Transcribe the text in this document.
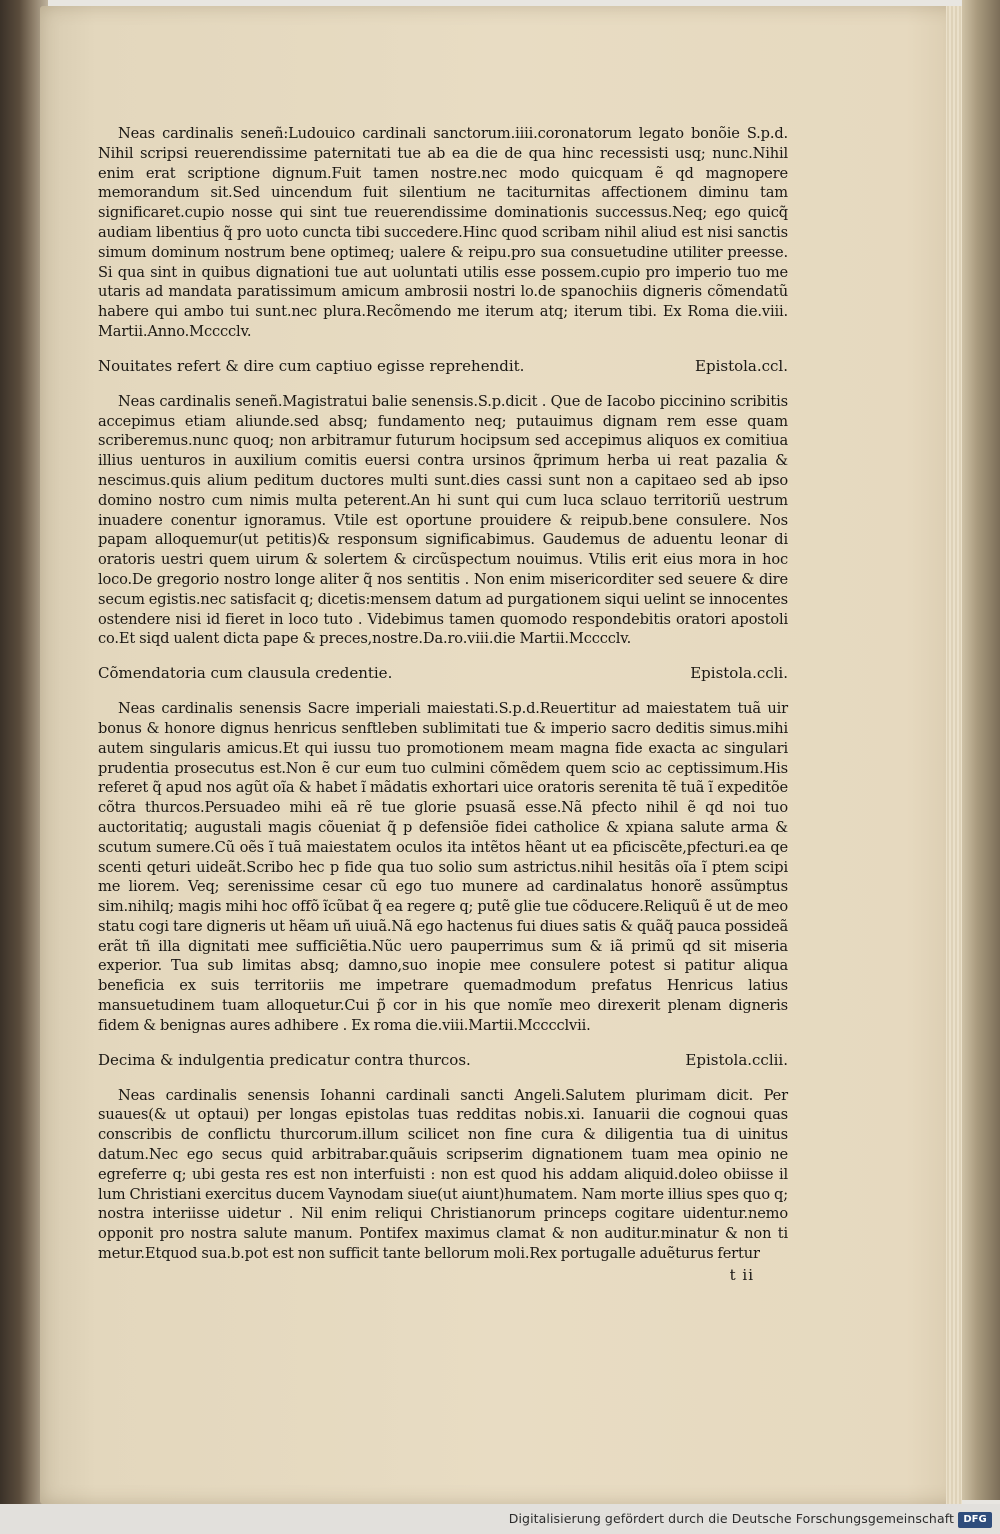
Neas cardinalis seneñ:Ludouico cardinali sanctorum.iiii.coronatorum legato bonõie S.p.d. Nihil scripsi reuerendissime paternitati tue ab ea die de qua hinc recessisti usq; nunc.Nihil enim erat scriptione dignum.Fuit tamen nostre.nec modo quicquam ẽ qd magnopere memorandum sit.Sed uincendum fuit silentium ne taciturnitas affectionem diminu tam significaret.cupio nosse qui sint tue reuerendissime dominationis successus.Neq; ego quicq̃ audiam libentius q̃ pro uoto cuncta tibi succedere.Hinc quod scribam nihil aliud est nisi sanctis simum dominum nostrum bene optimeq; ualere & reipu.pro sua consuetudine utiliter preesse. Si qua sint in quibus dignationi tue aut uoluntati utilis esse possem.cupio pro imperio tuo me utaris ad mandata paratissimum amicum ambrosii nostri lo.de spanochiis digneris cõmendatũ habere qui ambo tui sunt.nec plura.Recõmendo me iterum atq; iterum tibi. Ex Roma die.viii. Martii.Anno.Mcccclv.

Nouitates refert & dire cum captiuo egisse reprehendit.	Epistola.ccl.

Neas cardinalis seneñ.Magistratui balie senensis.S.p.dicit . Que de Iacobo piccinino scribitis accepimus etiam aliunde.sed absq; fundamento neq; putauimus dignam rem esse quam scriberemus.nunc quoq; non arbitramur futurum hocipsum sed accepimus aliquos ex comitiua illius uenturos in auxilium comitis euersi contra ursinos q̃primum herba ui reat pazalia & nescimus.quis alium peditum ductores multi sunt.dies cassi sunt non a capitaeo sed ab ipso domino nostro cum nimis multa peterent.An hi sunt qui cum luca sclauo territoriũ uestrum inuadere conentur ignoramus. Vtile est oportune prouidere & reipub.bene consulere. Nos papam alloquemur(ut petitis)& responsum significabimus. Gaudemus de aduentu leonar di oratoris uestri quem uirum & solertem & circũspectum nouimus. Vtilis erit eius mora in hoc loco.De gregorio nostro longe aliter q̃ nos sentitis . Non enim misericorditer sed seuere & dire secum egistis.nec satisfacit q; dicetis:mensem datum ad purgationem siqui uelint se innocentes ostendere nisi id fieret in loco tuto . Videbimus tamen quomodo respondebitis oratori apostoli co.Et siqd ualent dicta pape & preces,nostre.Da.ro.viii.die Martii.Mcccclv.

Cõmendatoria cum clausula credentie.	Epistola.ccli.

Neas cardinalis senensis Sacre imperiali maiestati.S.p.d.Reuertitur ad maiestatem tuã uir bonus & honore dignus henricus senftleben sublimitati tue & imperio sacro deditis simus.mihi autem singularis amicus.Et qui iussu tuo promotionem meam magna fide exacta ac singulari prudentia prosecutus est.Non ẽ cur eum tuo culmini cõmẽdem quem scio ac ceptissimum.His referet q̃ apud nos agũt oĩa & habet ĩ mãdatis exhortari uice oratoris serenita tẽ tuã ĩ expeditõe cõtra thurcos.Persuadeo mihi eã rẽ tue glorie psuasã esse.Nã pfecto nihil ẽ qd noi tuo auctoritatiq; augustali magis cõueniat q̃ p defensiõe fidei catholice & xpiana salute arma & scutum sumere.Cũ oẽs ĩ tuã maiestatem oculos ita intẽtos hẽant ut ea pficiscẽte,pfecturi.ea qe scenti qeturi uideãt.Scribo hec p fide qua tuo solio sum astrictus.nihil hesitãs oĩa ĩ ptem scipi me liorem. Veq; serenissime cesar cũ ego tuo munere ad cardinalatus honorẽ assũmptus sim.nihilq; magis mihi hoc offõ ĩcũbat q̃ ea regere q; putẽ glie tue cõducere.Reliquũ ẽ ut de meo statu cogi tare digneris ut hẽam uñ uiuã.Nã ego hactenus fui diues satis & quãq̃ pauca possideã erãt tñ illa dignitati mee sufficiẽtia.Nũc uero pauperrimus sum & iã primũ qd sit miseria experior. Tua sub limitas absq; damno,suo inopie mee consulere potest si patitur aliqua beneficia ex suis territoriis me impetrare quemadmodum prefatus Henricus latius mansuetudinem tuam alloquetur.Cui p̃ cor in his que nomĩe meo direxerit plenam digneris fidem & benignas aures adhibere . Ex roma die.viii.Martii.Mcccclvii.

Decima & indulgentia predicatur contra thurcos.	Epistola.cclii.

Neas cardinalis senensis Iohanni cardinali sancti Angeli.Salutem plurimam dicit. Per suaues(& ut optaui) per longas epistolas tuas redditas nobis.xi. Ianuarii die cognoui quas conscribis de conflictu thurcorum.illum scilicet non fine cura & diligentia tua di uinitus datum.Nec ego secus quid arbitrabar.quãuis scripserim dignationem tuam mea opinio ne egreferre q; ubi gesta res est non interfuisti : non est quod his addam aliquid.doleo obiisse il lum Christiani exercitus ducem Vaynodam siue(ut aiunt)humatem. Nam morte illius spes quo q; nostra interiisse uidetur . Nil enim reliqui Christianorum princeps cogitare uidentur.nemo opponit pro nostra salute manum. Pontifex maximus clamat & non auditur.minatur & non ti metur.Etquod sua.b.pot est non sufficit tante bellorum moli.Rex portugalle aduẽturus fertur

t ii
Digitalisierung gefördert durch die Deutsche Forschungsgemeinschaft DFG
